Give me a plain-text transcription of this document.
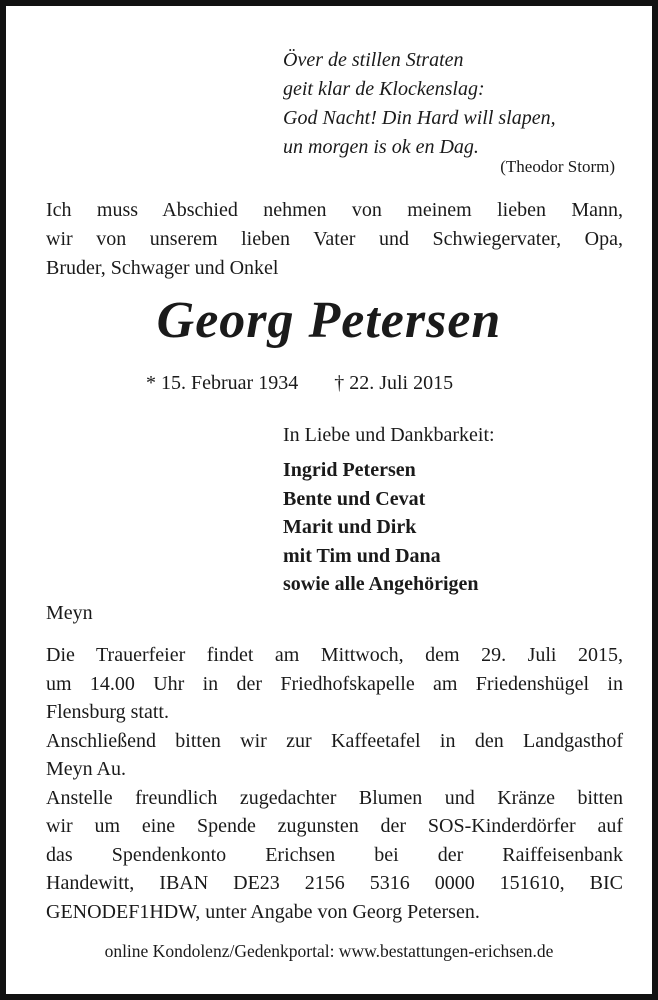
Över de stillen Straten
geit klar de Klockenslag:
God Nacht! Din Hard will slapen,
un morgen is ok en Dag.
(Theodor Storm)
Ich muss Abschied nehmen von meinem lieben Mann,
wir von unserem lieben Vater und Schwiegervater, Opa,
Bruder, Schwager und Onkel
Georg Petersen
* 15. Februar 1934 † 22. Juli 2015
In Liebe und Dankbarkeit:
Ingrid Petersen
Bente und Cevat
Marit und Dirk
mit Tim und Dana
sowie alle Angehörigen
Meyn
Die Trauerfeier findet am Mittwoch, dem 29. Juli 2015,
um 14.00 Uhr in der Friedhofskapelle am Friedenshügel in
Flensburg statt.
Anschließend bitten wir zur Kaffeetafel in den Landgasthof
Meyn Au.
Anstelle freundlich zugedachter Blumen und Kränze bitten
wir um eine Spende zugunsten der SOS-Kinderdörfer auf
das Spendenkonto Erichsen bei der Raiffeisenbank
Handewitt, IBAN DE23 2156 5316 0000 151610, BIC
GENODEF1HDW, unter Angabe von Georg Petersen.
online Kondolenz/Gedenkportal: www.bestattungen-erichsen.de
